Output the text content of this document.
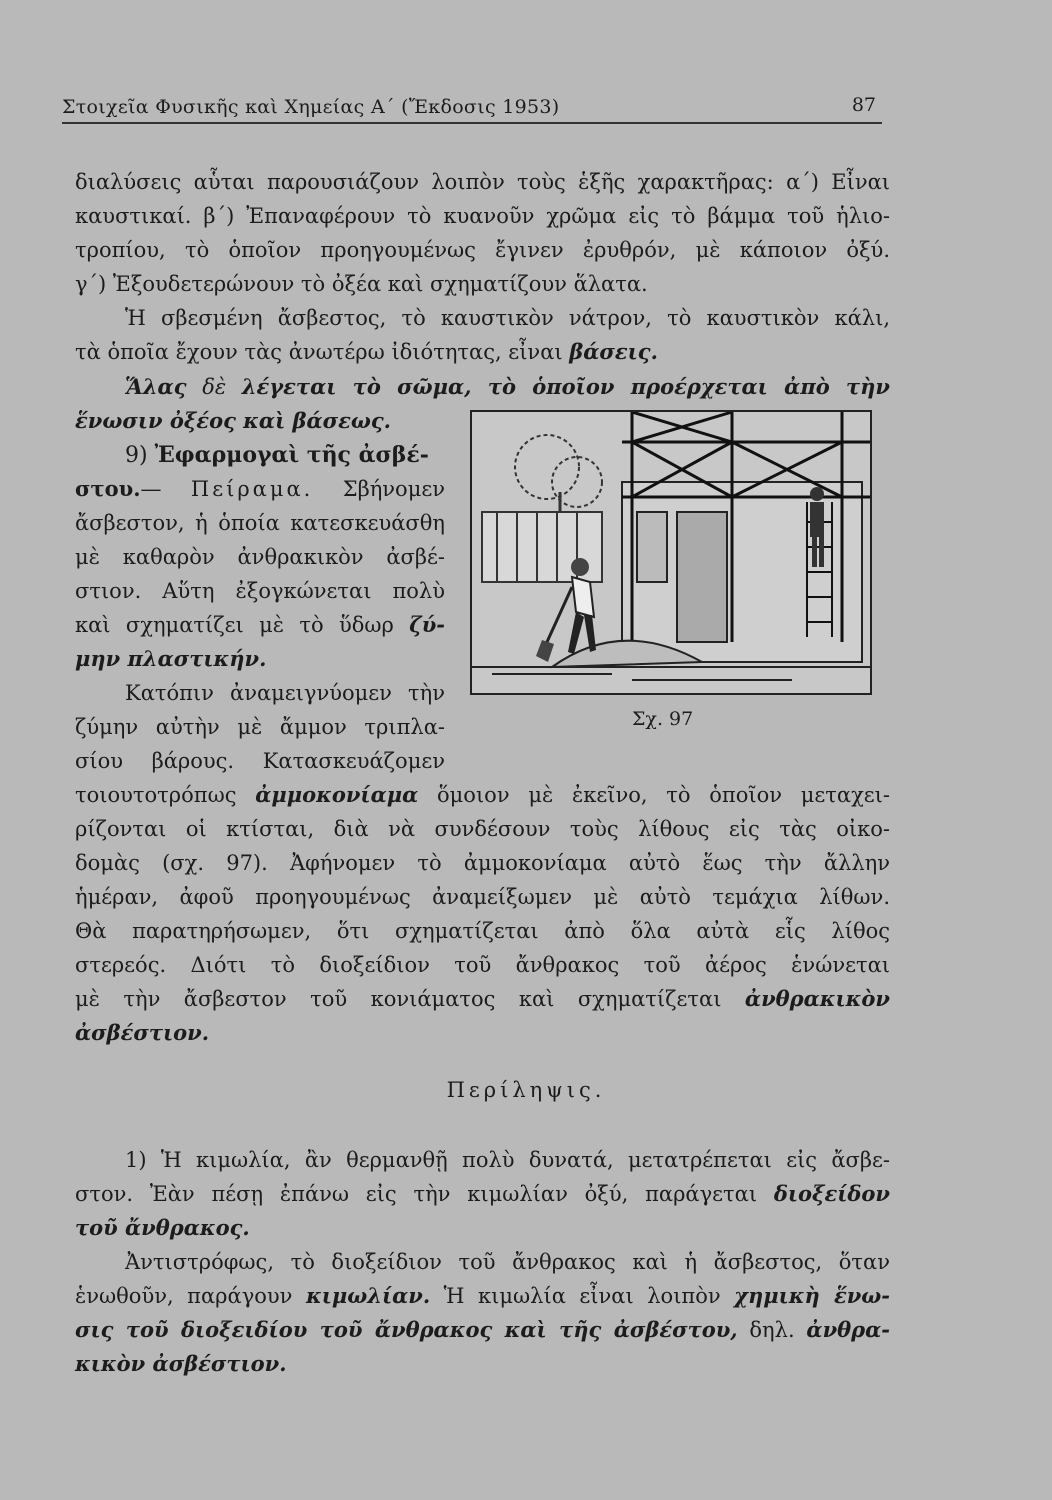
Στοιχεῖα Φυσικῆς καὶ Χημείας Α΄ (Ἔκδοσις 1953)	87
διαλύσεις αὗται παρουσιάζουν λοιπὸν τοὺς ἑξῆς χαρακτῆρας: α΄) Εἶναι
καυστικαί. β΄) Ἐπαναφέρουν τὸ κυανοῦν χρῶμα εἰς τὸ βάμμα τοῦ ἡλιο-
τροπίου, τὸ ὁποῖον προηγουμένως ἔγινεν ἐρυθρόν, μὲ κάποιον ὀξύ.
γ΄) Ἐξουδετερώνουν τὸ ὀξέα καὶ σχηματίζουν ἅλατα.
Ἡ σβεσμένη ἄσβεστος, τὸ καυστικὸν νάτρον, τὸ καυστικὸν κάλι,
τὰ ὁποῖα ἔχουν τὰς ἀνωτέρω ἰδιότητας, εἶναι βάσεις.
Ἅλας δὲ λέγεται τὸ σῶμα, τὸ ὁποῖον προέρχεται ἀπὸ τὴν
ἕνωσιν ὀξέος καὶ βάσεως.
9) Ἐφαρμογαὶ τῆς ἀσβέ-
στου.— Πείραμα. Σβήνομεν
ἄσβεστον, ἡ ὁποία κατεσκευάσθη
μὲ καθαρὸν ἀνθρακικὸν ἀσβέ-
στιον. Αὕτη ἐξογκώνεται πολὺ
καὶ σχηματίζει μὲ τὸ ὕδωρ ζύ-
μην πλαστικήν.
Κατόπιν ἀναμειγνύομεν τὴν
ζύμην αὐτὴν μὲ ἄμμον τριπλα-
σίου βάρους. Κατασκευάζομεν
τοιουτοτρόπως ἀμμοκονίαμα ὅμοιον μὲ ἐκεῖνο, τὸ ὁποῖον μεταχει-
ρίζονται οἱ κτίσται, διὰ νὰ συνδέσουν τοὺς λίθους εἰς τὰς οἰκο-
δομὰς (σχ. 97). Ἀφήνομεν τὸ ἀμμοκονίαμα αὐτὸ ἕως τὴν ἄλλην
ἡμέραν, ἀφοῦ προηγουμένως ἀναμείξωμεν μὲ αὐτὸ τεμάχια λίθων.
Θὰ παρατηρήσωμεν, ὅτι σχηματίζεται ἀπὸ ὅλα αὐτὰ εἷς λίθος
στερεός. Διότι τὸ διοξείδιον τοῦ ἄνθρακος τοῦ ἀέρος ἑνώνεται
μὲ τὴν ἄσβεστον τοῦ κονιάματος καὶ σχηματίζεται ἀνθρακικὸν
ἀσβέστιον.
Σχ. 97
Περίληψις.
1) Ἡ κιμωλία, ἂν θερμανθῇ πολὺ δυνατά, μετατρέπεται εἰς ἄσβε-
στον. Ἐὰν πέσῃ ἐπάνω εἰς τὴν κιμωλίαν ὀξύ, παράγεται διοξείδον
τοῦ ἄνθρακος.
Ἀντιστρόφως, τὸ διοξείδιον τοῦ ἄνθρακος καὶ ἡ ἄσβεστος, ὅταν
ἑνωθοῦν, παράγουν κιμωλίαν. Ἡ κιμωλία εἶναι λοιπὸν χημικὴ ἕνω-
σις τοῦ διοξειδίου τοῦ ἄνθρακος καὶ τῆς ἀσβέστου, δηλ. ἀνθρα-
κικὸν ἀσβέστιον.
